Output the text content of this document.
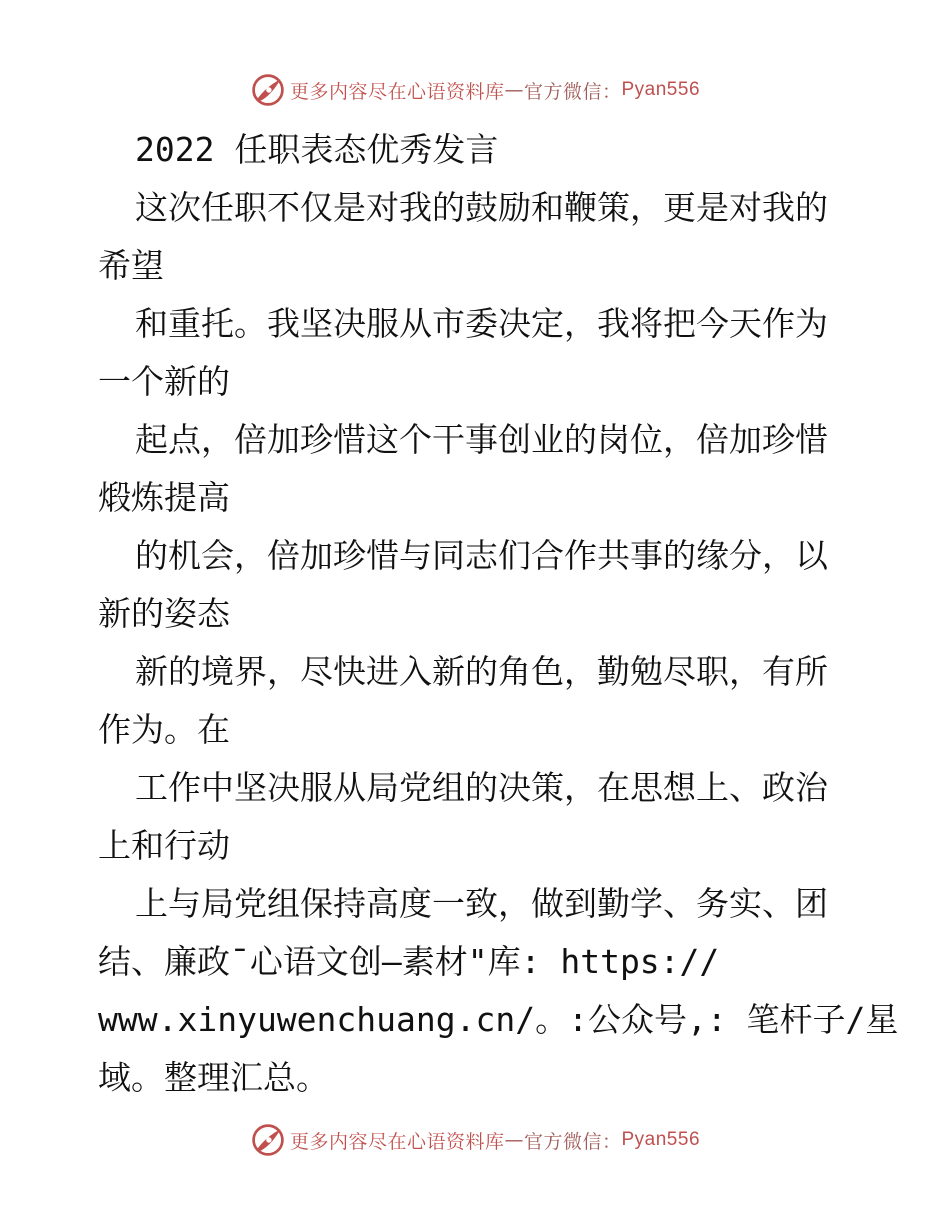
更多内容尽在心语资料库 — 官方微信： Pyan556
2022 任职表态优秀发言
这次任职不仅是对我的鼓励和鞭策，更是对我的
希望
和重托。我坚决服从市委决定，我将把今天作为
一个新的
起点，倍加珍惜这个干事创业的岗位，倍加珍惜
煅炼提高
的机会，倍加珍惜与同志们合作共事的缘分，以
新的姿态
新的境界，尽快进入新的角色，勤勉尽职，有所
作为。在
工作中坚决服从局党组的决策，在思想上、政治
上和行动
上与局党组保持高度一致，做到勤学、务实、团
结、廉政¯心语文创—素材"库: https://
www.xinyuwenchuang.cn/。:公众号,: 笔杆子/星
域。整理汇总。
更多内容尽在心语资料库 — 官方微信： Pyan556
